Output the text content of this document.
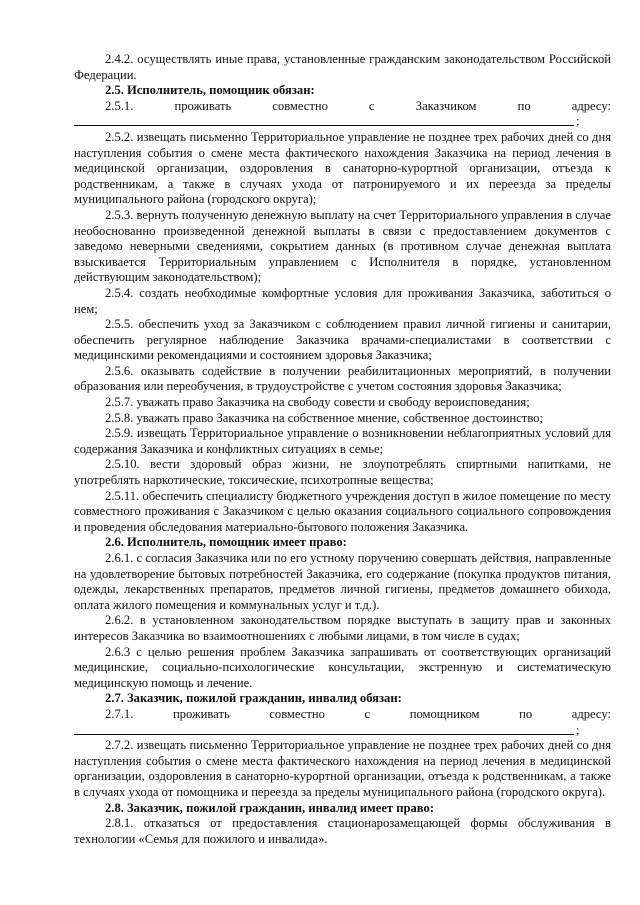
2.4.2. осуществлять иные права, установленные гражданским законодательством Российской Федерации.

2.5. Исполнитель, помощник обязан:

2.5.1. проживать совместно с Заказчиком по адресу:

;

2.5.2. извещать письменно Территориальное управление не позднее трех рабочих дней со дня наступления события о смене места фактического нахождения Заказчика на период лечения в медицинской организации, оздоровления в санаторно-курортной организации, отъезда к родственникам, а также в случаях ухода от патронируемого и их переезда за пределы муниципального района (городского округа);

2.5.3. вернуть полученную денежную выплату на счет Территориального управления в случае необоснованно произведенной денежной выплаты в связи с предоставлением документов с заведомо неверными сведениями, сокрытием данных (в противном случае денежная выплата взыскивается Территориальным управлением с Исполнителя в порядке, установленном действующим законодательством);

2.5.4. создать необходимые комфортные условия для проживания Заказчика, заботиться о нем;

2.5.5. обеспечить уход за Заказчиком с соблюдением правил личной гигиены и санитарии, обеспечить регулярное наблюдение Заказчика врачами-специалистами в соответствии с медицинскими рекомендациями и состоянием здоровья Заказчика;

2.5.6. оказывать содействие в получении реабилитационных мероприятий, в получении образования или переобучения, в трудоустройстве с учетом состояния здоровья Заказчика;

2.5.7. уважать право Заказчика на свободу совести и свободу вероисповедания;

2.5.8. уважать право Заказчика на собственное мнение, собственное достоинство;

2.5.9. извещать Территориальное управление о возникновении неблагоприятных условий для содержания Заказчика и конфликтных ситуациях в семье;

2.5.10. вести здоровый образ жизни, не злоупотреблять спиртными напитками, не употреблять наркотические, токсические, психотропные вещества;

2.5.11. обеспечить специалисту бюджетного учреждения доступ в жилое помещение по месту совместного проживания с Заказчиком с целью оказания социального социального сопровождения и проведения обследования материально-бытового положения Заказчика.

2.6. Исполнитель, помощник имеет право:

2.6.1. с согласия Заказчика или по его устному поручению совершать действия, направленные на удовлетворение бытовых потребностей Заказчика, его содержание (покупка продуктов питания, одежды, лекарственных препаратов, предметов личной гигиены, предметов домашнего обихода, оплата жилого помещения и коммунальных услуг и т.д.).

2.6.2. в установленном законодательством порядке выступать в защиту прав и законных интересов Заказчика во взаимоотношениях с любыми лицами, в том числе в судах;

2.6.3 с целью решения проблем Заказчика запрашивать от соответствующих организаций медицинские, социально-психологические консультации, экстренную и систематическую медицинскую помощь и лечение.

2.7. Заказчик, пожилой гражданин, инвалид обязан:

2.7.1. проживать совместно с помощником по адресу:

;

2.7.2. извещать письменно Территориальное управление не позднее трех рабочих дней со дня наступления события о смене места фактического нахождения на период лечения в медицинской организации, оздоровления в санаторно-курортной организации, отъезда к родственникам, а также в случаях ухода от помощника и переезда за пределы муниципального района (городского округа).

2.8. Заказчик, пожилой гражданин, инвалид имеет право:

2.8.1. отказаться от предоставления стационарозамещающей формы обслуживания в технологии «Семья для пожилого и инвалида».
